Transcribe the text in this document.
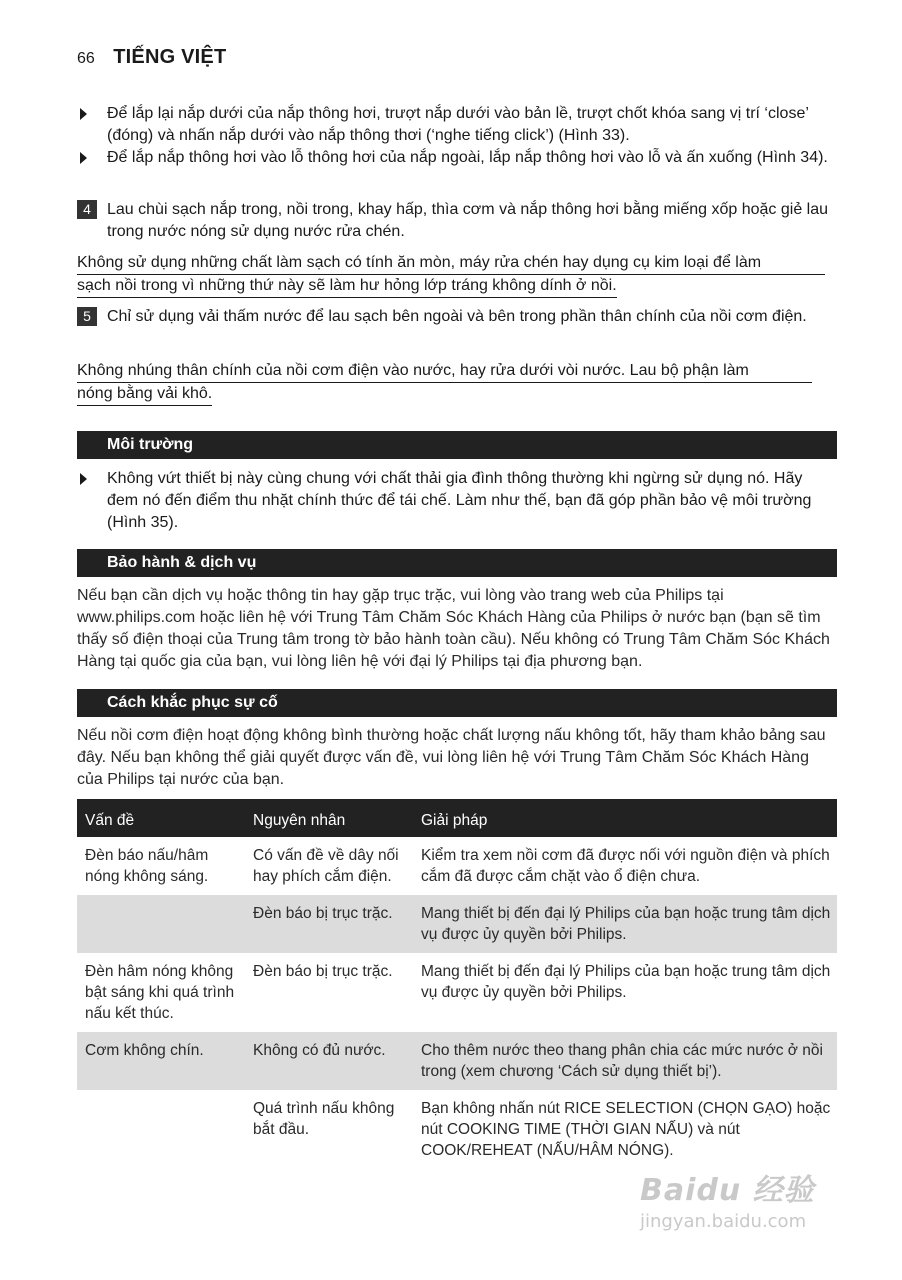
66 TIẾNG VIỆT
Để lắp lại nắp dưới của nắp thông hơi, trượt nắp dưới vào bản lề, trượt chốt khóa sang vị trí ‘close’ (đóng) và nhấn nắp dưới vào nắp thông thơi (‘nghe tiếng click’) (Hình 33).
Để lắp nắp thông hơi vào lỗ thông hơi của nắp ngoài, lắp nắp thông hơi vào lỗ và ấn xuống (Hình 34).
4	Lau chùi sạch nắp trong, nồi trong, khay hấp, thìa cơm và nắp thông hơi bằng miếng xốp hoặc giẻ lau trong nước nóng sử dụng nước rửa chén.
Không sử dụng những chất làm sạch có tính ăn mòn, máy rửa chén hay dụng cụ kim loại để làm
sạch nồi trong vì những thứ này sẽ làm hư hỏng lớp tráng không dính ở nồi.
5	Chỉ sử dụng vải thấm nước để lau sạch bên ngoài và bên trong phần thân chính của nồi cơm điện.
Không nhúng thân chính của nồi cơm điện vào nước, hay rửa dưới vòi nước. Lau bộ phận làm
nóng bằng vải khô.
Môi trường
Không vứt thiết bị này cùng chung với chất thải gia đình thông thường khi ngừng sử dụng nó. Hãy đem nó đến điểm thu nhặt chính thức để tái chế. Làm như thế, bạn đã góp phần bảo vệ môi trường (Hình 35).
Bảo hành & dịch vụ
Nếu bạn cần dịch vụ hoặc thông tin hay gặp trục trặc, vui lòng vào trang web của Philips tại www.philips.com hoặc liên hệ với Trung Tâm Chăm Sóc Khách Hàng của Philips ở nước bạn (bạn sẽ tìm thấy số điện thoại của Trung tâm trong tờ bảo hành toàn cầu). Nếu không có Trung Tâm Chăm Sóc Khách Hàng tại quốc gia của bạn, vui lòng liên hệ với đại lý Philips tại địa phương bạn.
Cách khắc phục sự cố
Nếu nồi cơm điện hoạt động không bình thường hoặc chất lượng nấu không tốt, hãy tham khảo bảng sau đây. Nếu bạn không thể giải quyết được vấn đề, vui lòng liên hệ với Trung Tâm Chăm Sóc Khách Hàng của Philips tại nước của bạn.
Vấn đề	Nguyên nhân	Giải pháp
Đèn báo nấu/hâm nóng không sáng.	Có vấn đề về dây nối hay phích cắm điện.	Kiểm tra xem nồi cơm đã được nối với nguồn điện và phích cắm đã được cắm chặt vào ổ điện chưa.
	Đèn báo bị trục trặc.	Mang thiết bị đến đại lý Philips của bạn hoặc trung tâm dịch vụ được ủy quyền bởi Philips.
Đèn hâm nóng không bật sáng khi quá trình nấu kết thúc.	Đèn báo bị trục trặc.	Mang thiết bị đến đại lý Philips của bạn hoặc trung tâm dịch vụ được ủy quyền bởi Philips.
Cơm không chín.	Không có đủ nước.	Cho thêm nước theo thang phân chia các mức nước ở nồi trong (xem chương ‘Cách sử dụng thiết bị’).
	Quá trình nấu không bắt đầu.	Bạn không nhấn nút RICE SELECTION (CHỌN GẠO) hoặc nút COOKING TIME (THỜI GIAN NẤU) và nút COOK/REHEAT (NẤU/HÂM NÓNG).
Baidu 经验
jingyan.baidu.com
